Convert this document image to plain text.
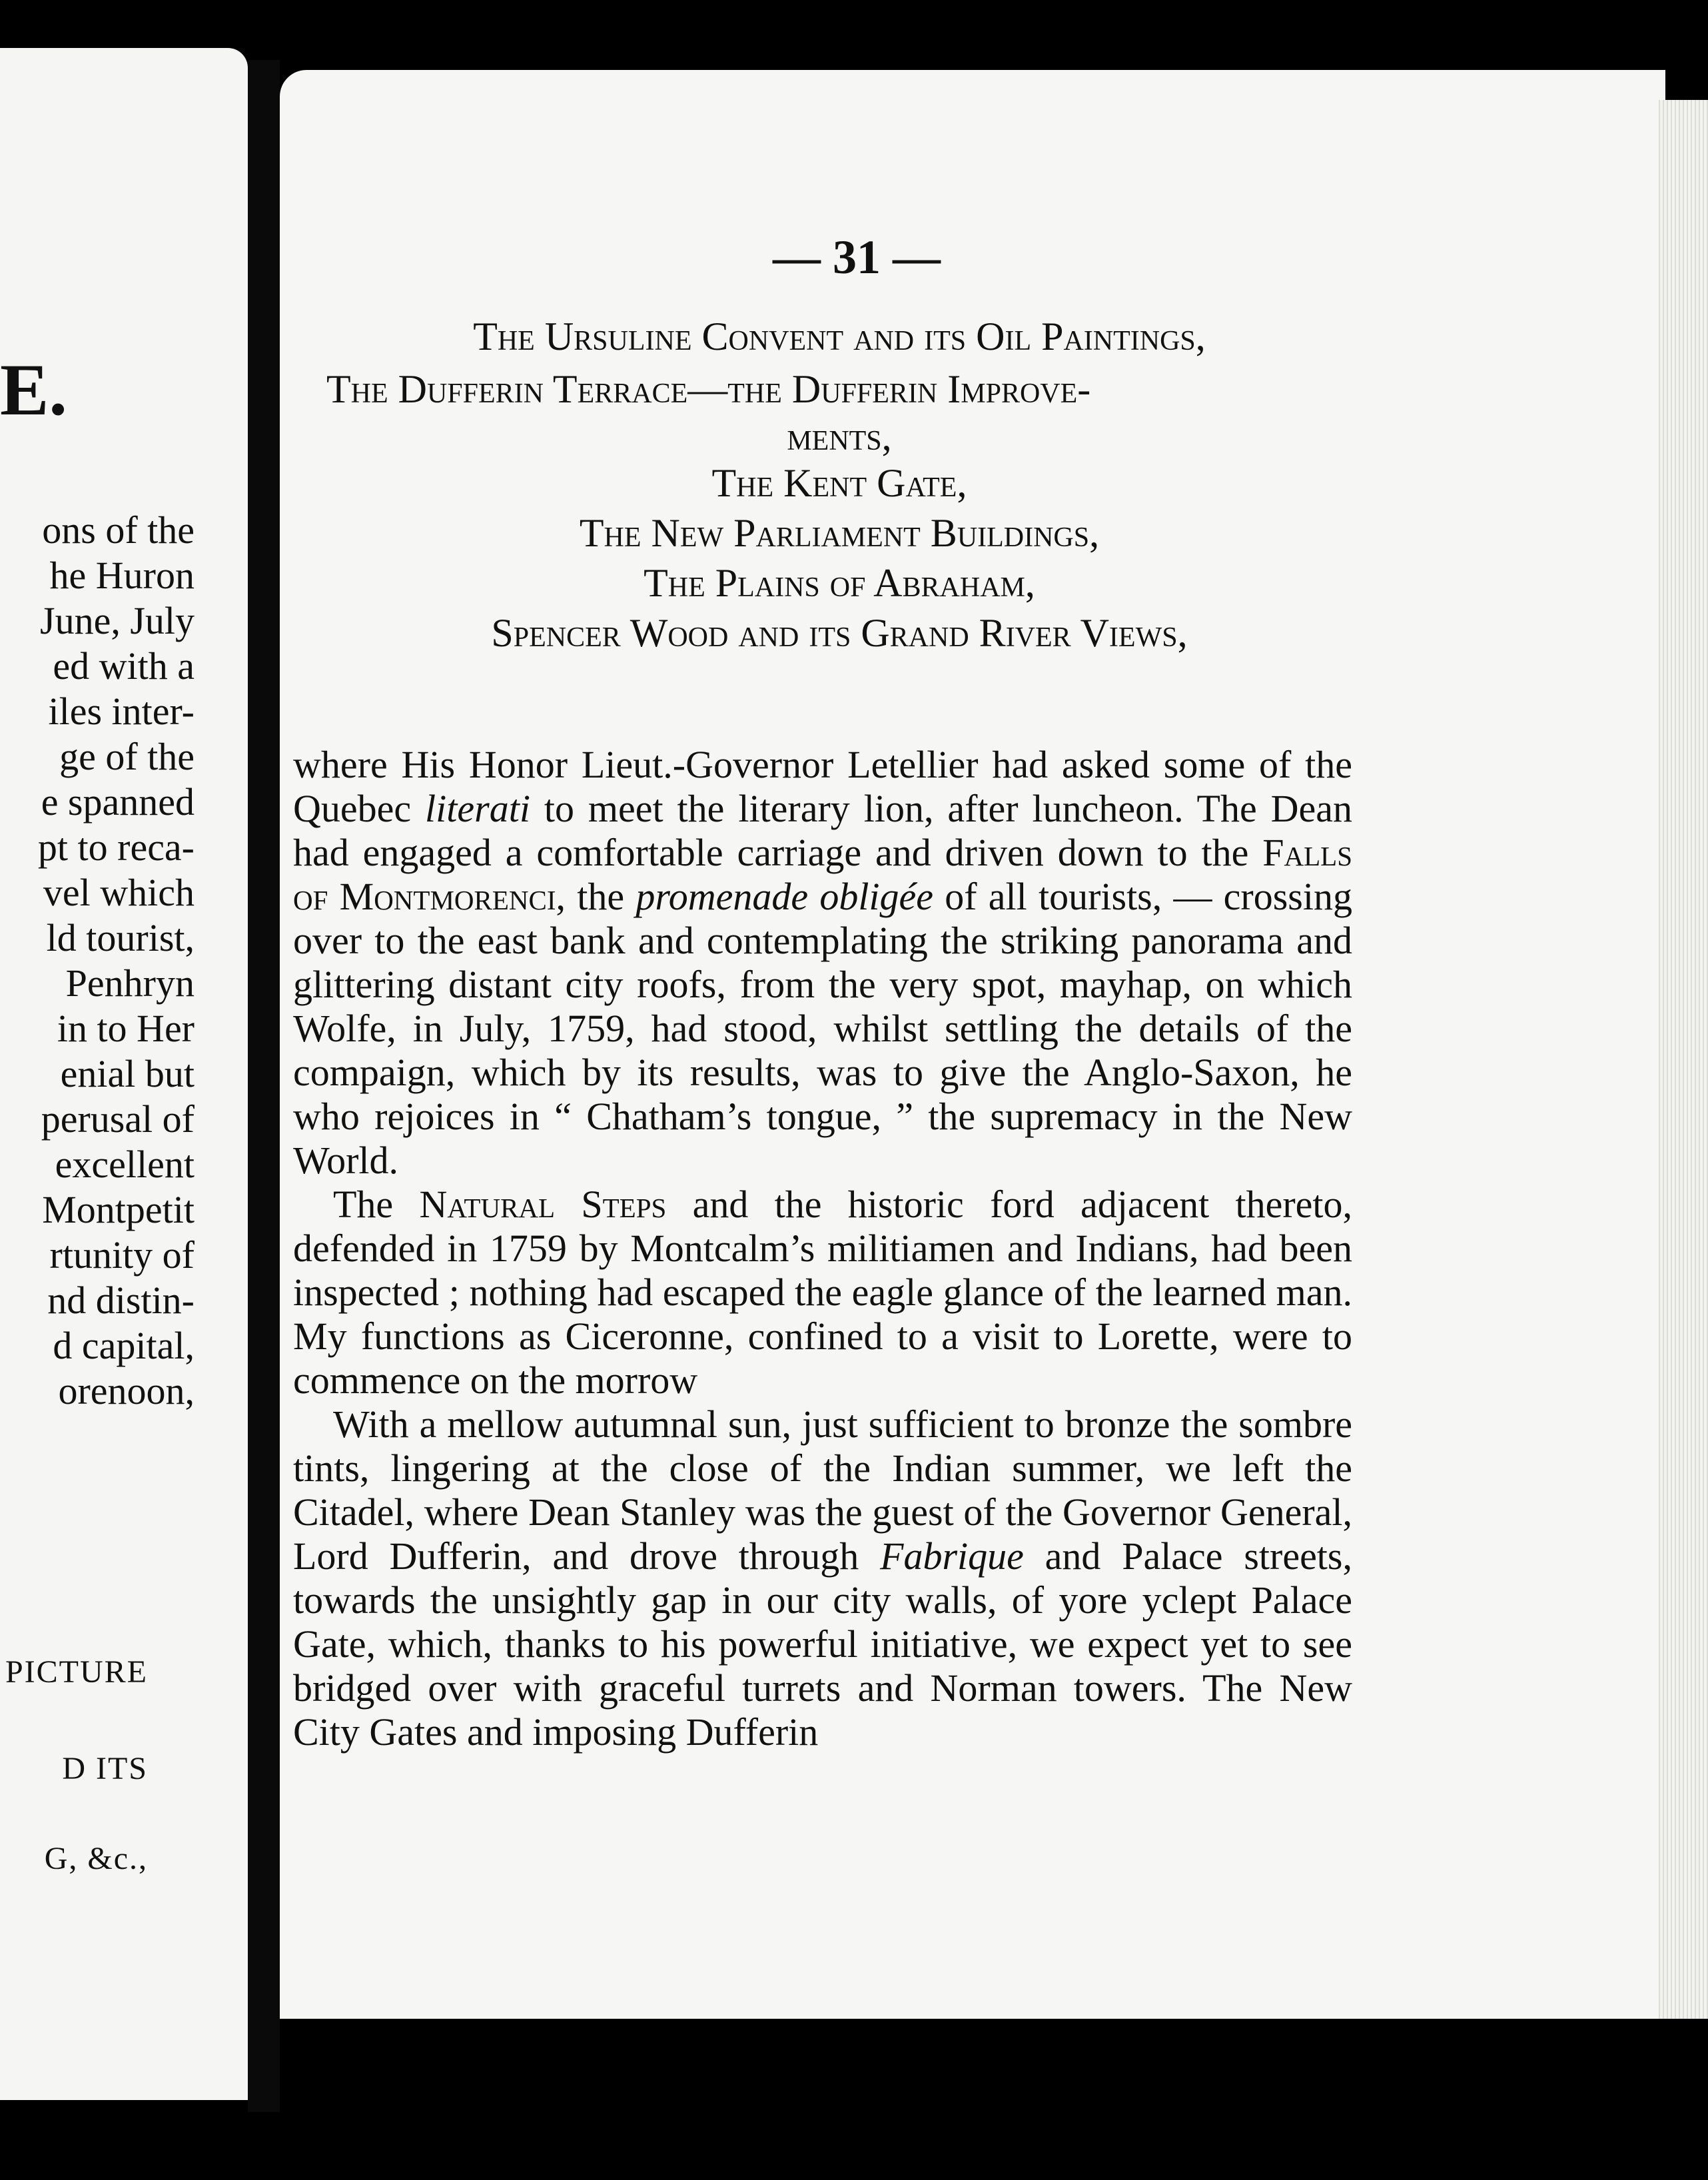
E.
ons of the
he Huron
June, July
ed with a
iles inter-
ge of the
e spanned
pt to reca-
vel which
ld tourist,
Penhryn
in to Her
enial but
perusal of
excellent
Montpetit
rtunity of
nd distin-
d capital,
orenoon,
PICTURE
D ITS
G, &c.,
— 31 —
The Ursuline Convent and its Oil Paintings,
The Dufferin Terrace—the Dufferin Improve-
ments,
The Kent Gate,
The New Parliament Buildings,
The Plains of Abraham,
Spencer Wood and its Grand River Views,

where His Honor Lieut.-Governor Letellier had asked some of the Quebec literati to meet the literary lion, after luncheon. The Dean had engaged a comfortable carriage and driven down to the Falls of Montmorenci, the promenade obligée of all tourists, — crossing over to the east bank and contemplating the striking panorama and glittering distant city roofs, from the very spot, mayhap, on which Wolfe, in July, 1759, had stood, whilst settling the details of the compaign, which by its results, was to give the Anglo-Saxon, he who rejoices in “ Chatham’s tongue, ” the supremacy in the New World.

The Natural Steps and the historic ford adjacent thereto, defended in 1759 by Montcalm’s militiamen and Indians, had been inspected ; nothing had escaped the eagle glance of the learned man. My functions as Ciceronne, confined to a visit to Lorette, were to commence on the morrow

With a mellow autumnal sun, just sufficient to bronze the sombre tints, lingering at the close of the Indian summer, we left the Citadel, where Dean Stanley was the guest of the Governor General, Lord Dufferin, and drove through Fabrique and Palace streets, towards the unsightly gap in our city walls, of yore yclept Palace Gate, which, thanks to his powerful initiative, we expect yet to see bridged over with graceful turrets and Norman towers. The New City Gates and imposing Dufferin
